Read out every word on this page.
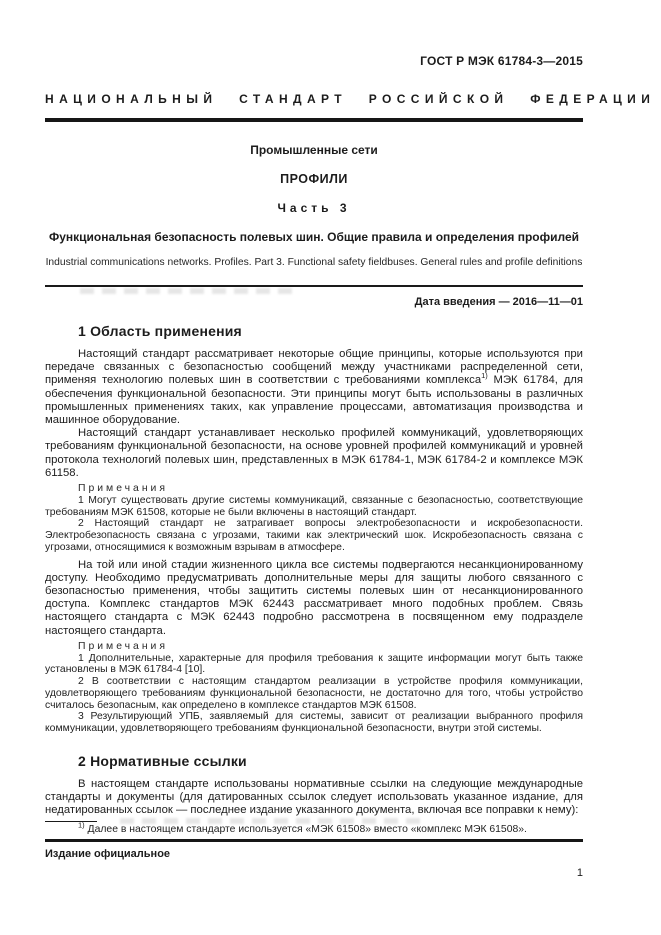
ГОСТ Р МЭК 61784-3—2015
НАЦИОНАЛЬНЫЙ СТАНДАРТ РОССИЙСКОЙ ФЕДЕРАЦИИ
Промышленные сети
ПРОФИЛИ
Часть 3
Функциональная безопасность полевых шин. Общие правила и определения профилей
Industrial communications networks. Profiles. Part 3. Functional safety fieldbuses. General rules and profile definitions
Дата введения — 2016—11—01
1 Область применения

Настоящий стандарт рассматривает некоторые общие принципы, которые используются при передаче связанных с безопасностью сообщений между участниками распределенной сети, применяя технологию полевых шин в соответствии с требованиями комплекса$^{1)}$ МЭК 61784, для обеспечения функциональной безопасности. Эти принципы могут быть использованы в различных промышленных применениях таких, как управление процессами, автоматизация производства и машинное оборудование.

Настоящий стандарт устанавливает несколько профилей коммуникаций, удовлетворяющих требованиям функциональной безопасности, на основе уровней профилей коммуникаций и уровней протокола технологий полевых шин, представленных в МЭК 61784-1, МЭК 61784-2 и комплексе МЭК 61158.

Примечания

1 Могут существовать другие системы коммуникаций, связанные с безопасностью, соответствующие требованиям МЭК 61508, которые не были включены в настоящий стандарт.

2 Настоящий стандарт не затрагивает вопросы электробезопасности и искробезопасности. Электробезопасность связана с угрозами, такими как электрический шок. Искробезопасность связана с угрозами, относящимися к возможным взрывам в атмосфере.

На той или иной стадии жизненного цикла все системы подвергаются несанкционированному доступу. Необходимо предусматривать дополнительные меры для защиты любого связанного с безопасностью применения, чтобы защитить системы полевых шин от несанкционированного доступа. Комплекс стандартов МЭК 62443 рассматривает много подобных проблем. Связь настоящего стандарта с МЭК 62443 подробно рассмотрена в посвященном ему подразделе настоящего стандарта.

Примечания

1 Дополнительные, характерные для профиля требования к защите информации могут быть также установлены в МЭК 61784-4 [10].

2 В соответствии с настоящим стандартом реализации в устройстве профиля коммуникации, удовлетворяющего требованиям функциональной безопасности, не достаточно для того, чтобы устройство считалось безопасным, как определено в комплексе стандартов МЭК 61508.

3 Результирующий УПБ, заявляемый для системы, зависит от реализации выбранного профиля коммуникации, удовлетворяющего требованиям функциональной безопасности, внутри этой системы.

2 Нормативные ссылки

В настоящем стандарте использованы нормативные ссылки на следующие международные стандарты и документы (для датированных ссылок следует использовать указанное издание, для недатированных ссылок — последнее издание указанного документа, включая все поправки к нему):

$^{1)}$ Далее в настоящем стандарте используется «МЭК 61508» вместо «комплекс МЭК 61508».

Издание официальное
1
